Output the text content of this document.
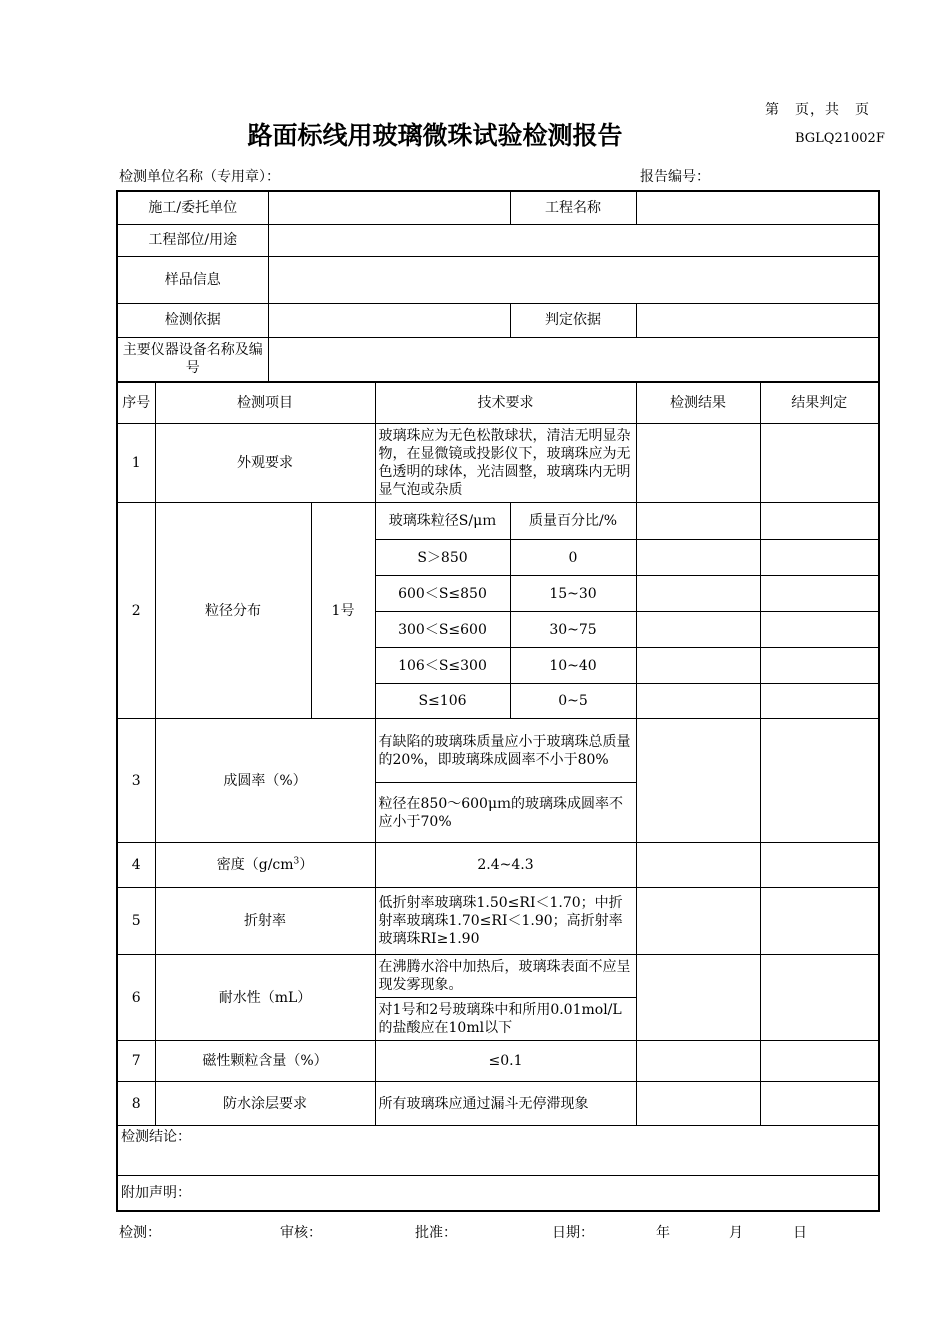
第　页，共　页
路面标线用玻璃微珠试验检测报告	BGLQ21002F
检测单位名称（专用章）：	报告编号：
施工/委托单位		工程名称	
工程部位/用途			
样品信息			
检测依据		判定依据	
主要仪器设备名称及编号			
序号	检测项目		技术要求		检测结果	结果判定
1	外观要求		玻璃珠应为无色松散球状，清洁无明显杂物，在显微镜或投影仪下，玻璃珠应为无色透明的球体，光洁圆整，玻璃珠内无明显气泡或杂质			
2	粒径分布	1号	玻璃珠粒径S/μｍ	质量百分比/%		
			S＞850	0		
			600＜S≤850	15~30		
			300＜S≤600	30~75		
			106＜S≤300	10~40		
			S≤106	0~5		
3	成圆率（%）		有缺陷的玻璃珠质量应小于玻璃珠总质量的20%，即玻璃珠成圆率不小于80%			
			粒径在850～600μｍ的玻璃珠成圆率不应小于70%			
4	密度$(g/cm^3)$		2.4~4.3			
5	折射率		低折射率玻璃珠1.50≤RI＜1.70；中折射率玻璃珠1.70≤RI＜1.90；高折射率玻璃珠RI≥1.90			
6	耐水性（mL）		在沸腾水浴中加热后，玻璃珠表面不应呈现发雾现象。			
			对1号和2号玻璃珠中和所用0.01mol/L的盐酸应在10ml以下			
7	磁性颗粒含量（%）		≤0.1			
8	防水涂层要求		所有玻璃珠应通过漏斗无停滞现象			
检测结论：						
附加声明：						
检测：	审核：	批准：	日期：	年	月	日
